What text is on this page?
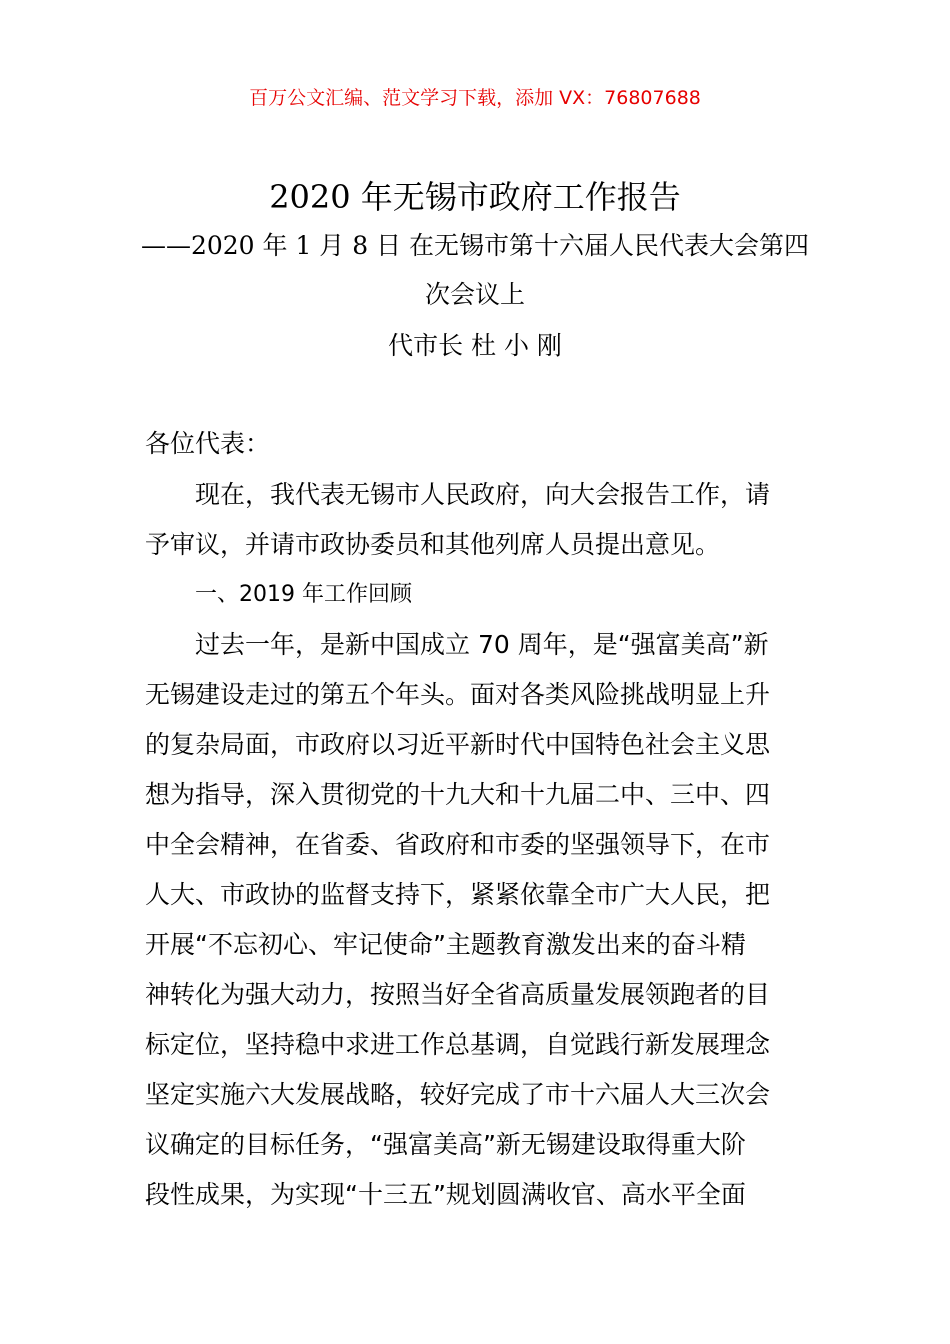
百万公文汇编、范文学习下载，添加 VX：76807688
2020 年无锡市政府工作报告
——2020 年 1 月 8 日 在无锡市第十六届人民代表大会第四
次会议上
代市长 杜 小 刚
各位代表：
现在，我代表无锡市人民政府，向大会报告工作，请
予审议，并请市政协委员和其他列席人员提出意见。
一、2019 年工作回顾
过去一年，是新中国成立 70 周年，是“强富美高”新
无锡建设走过的第五个年头。面对各类风险挑战明显上升
的复杂局面，市政府以习近平新时代中国特色社会主义思
想为指导，深入贯彻党的十九大和十九届二中、三中、四
中全会精神，在省委、省政府和市委的坚强领导下，在市
人大、市政协的监督支持下，紧紧依靠全市广大人民，把
开展“不忘初心、牢记使命”主题教育激发出来的奋斗精
神转化为强大动力，按照当好全省高质量发展领跑者的目
标定位，坚持稳中求进工作总基调，自觉践行新发展理念
坚定实施六大发展战略，较好完成了市十六届人大三次会
议确定的目标任务，“强富美高”新无锡建设取得重大阶
段性成果，为实现“十三五”规划圆满收官、高水平全面
